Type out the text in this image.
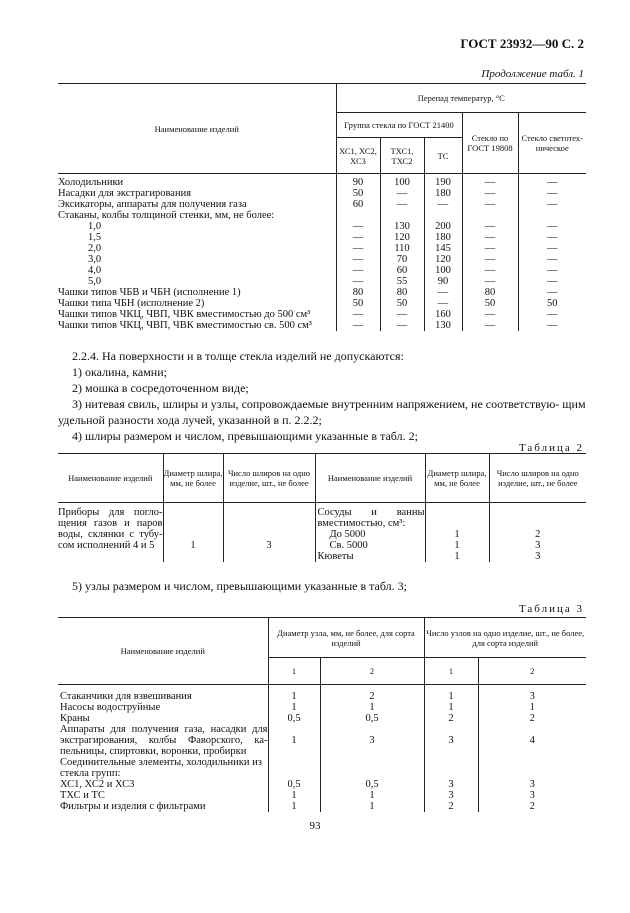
ГОСТ 23932—90 С. 2
Продолжение табл. 1
Наименование изделий	Перепад температур, °С				
	Группа стекла по ГОСТ 21400			Стекло по ГОСТ 19808	Стекло светотех- ническое
	ХС1, ХС2, ХС3	ТХС1, ТХС2	ТС		
Холодильники	90	100	190	—	—
Насадки для экстрагирования	50	—	180	—	—
Эксикаторы, аппараты для получения газа	60	—	—	—	—
Стаканы, колбы толщиной стенки, мм, не более:					
1,0	—	130	200	—	—
1,5	—	120	180	—	—
2,0	—	110	145	—	—
3,0	—	70	120	—	—
4,0	—	60	100	—	—
5,0	—	55	90	—	—
Чашки типов ЧБВ и ЧБН (исполнение 1)	80	80	—	80	—
Чашки типа ЧБН (исполнение 2)	50	50	—	50	50
Чашки типов ЧКЦ, ЧВП, ЧВК вместимостью до 500 см³	—	—	160	—	—
Чашки типов ЧКЦ, ЧВП, ЧВК вместимостью св. 500 см³	—	—	130	—	—
2.2.4. На поверхности и в толще стекла изделий не допускаются:
1) окалина, камни;
2) мошка в сосредоточенном виде;
3) нитевая свиль, шлиры и узлы, сопровождаемые внутренним напряжением, не соответствую- щим удельной разности хода лучей, указанной в п. 2.2.2;
4) шлиры размером и числом, превышающими указанные в табл. 2;
Таблица 2
Наименование изделий	Диаметр шлира, мм, не более	Число шлиров на одно изделие, шт., не более	Наименование изделий	Диаметр шлира, мм, не более	Число шлиров на одно изделие, шт., не более
Приборы для погло- щения газов и паров воды, склянки с тубу- сом исполнений 4 и 5	1	3	Сосуды и ванны вместимостью, см³:		
			До 5000	1	2
			Св. 5000	1	3
			Кюветы	1	3
5) узлы размером и числом, превышающими указанные в табл. 3;
Таблица 3
Наименование изделий	Диаметр узла, мм, не более, для сорта изделий		Число узлов на одно изделие, шт., не более, для сорта изделий	
	1	2	1	2
Стаканчики для взвешивания	1	2	1	3
Насосы водоструйные	1	1	1	1
Краны	0,5	0,5	2	2
Аппараты для получения газа, насадки для экстрагирования, колбы Фаворского, ка- пельницы, спиртовки, воронки, пробирки	1	3	3	4
Соединительные элементы, холодильники из стекла групп:				
ХС1, ХС2 и ХС3	0,5	0,5	3	3
ТХС и ТС	1	1	3	3
Фильтры и изделия с фильтрами	1	1	2	2
93
